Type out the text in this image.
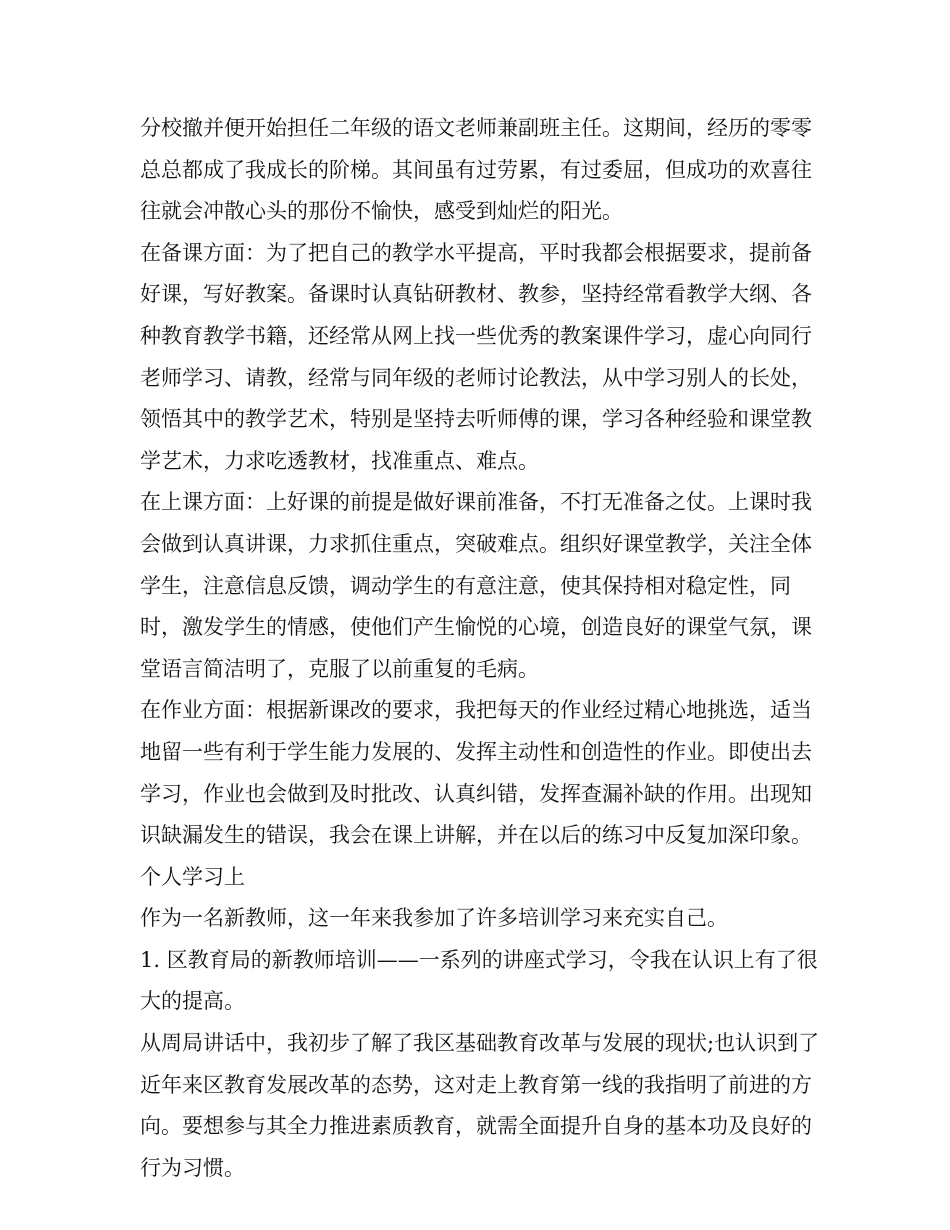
分校撤并便开始担任二年级的语文老师兼副班主任。这期间，经历的零零总总都成了我成长的阶梯。其间虽有过劳累，有过委屈，但成功的欢喜往往就会冲散心头的那份不愉快，感受到灿烂的阳光。

在备课方面：为了把自己的教学水平提高，平时我都会根据要求，提前备好课，写好教案。备课时认真钻研教材、教参，坚持经常看教学大纲、各种教育教学书籍，还经常从网上找一些优秀的教案课件学习，虚心向同行老师学习、请教，经常与同年级的老师讨论教法，从中学习别人的长处，领悟其中的教学艺术，特别是坚持去听师傅的课，学习各种经验和课堂教学艺术，力求吃透教材，找准重点、难点。

在上课方面：上好课的前提是做好课前准备，不打无准备之仗。上课时我会做到认真讲课，力求抓住重点，突破难点。组织好课堂教学，关注全体学生，注意信息反馈，调动学生的有意注意，使其保持相对稳定性，同时，激发学生的情感，使他们产生愉悦的心境，创造良好的课堂气氛，课堂语言简洁明了，克服了以前重复的毛病。

在作业方面：根据新课改的要求，我把每天的作业经过精心地挑选，适当地留一些有利于学生能力发展的、发挥主动性和创造性的作业。即使出去学习，作业也会做到及时批改、认真纠错，发挥查漏补缺的作用。出现知识缺漏发生的错误，我会在课上讲解，并在以后的练习中反复加深印象。

个人学习上

作为一名新教师，这一年来我参加了许多培训学习来充实自己。

1. 区教育局的新教师培训——一系列的讲座式学习，令我在认识上有了很大的提高。

从周局讲话中，我初步了解了我区基础教育改革与发展的现状;也认识到了近年来区教育发展改革的态势，这对走上教育第一线的我指明了前进的方向。要想参与其全力推进素质教育，就需全面提升自身的基本功及良好的行为习惯。
